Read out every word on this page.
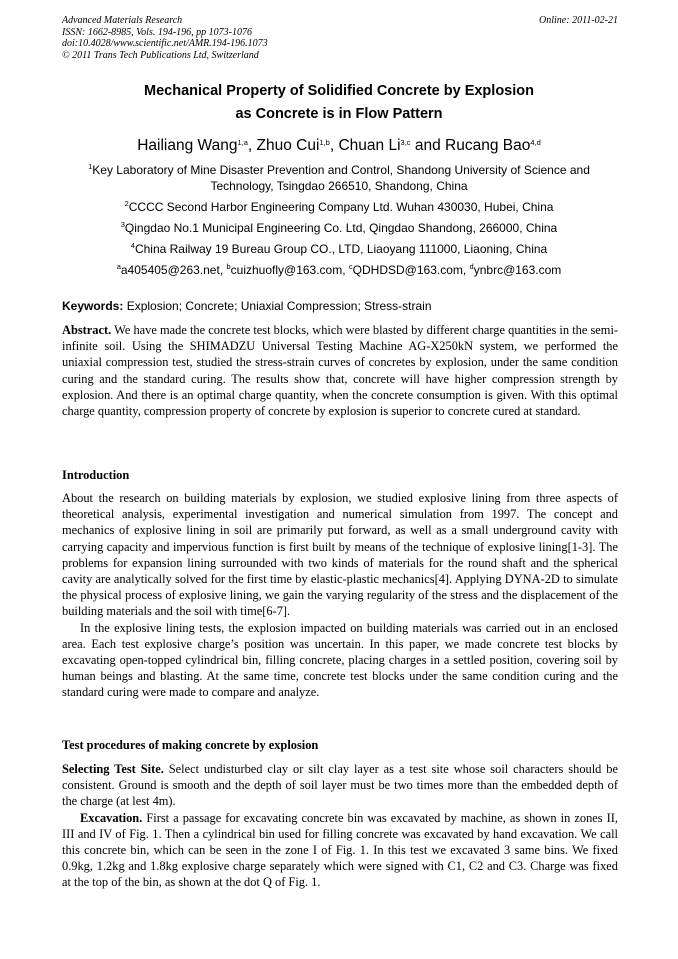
Advanced Materials Research
ISSN: 1662-8985, Vols. 194-196, pp 1073-1076
doi:10.4028/www.scientific.net/AMR.194-196.1073
© 2011 Trans Tech Publications Ltd, Switzerland
Online: 2011-02-21
Mechanical Property of Solidified Concrete by Explosion
as Concrete is in Flow Pattern
Hailiang Wang$^{1,a}$, Zhuo Cui$^{1,b}$, Chuan Li$^{3,c}$ and Rucang Bao$^{4,d}$
$^1$Key Laboratory of Mine Disaster Prevention and Control, Shandong University of Science and Technology, Tsingdao 266510, Shandong, China
$^2$CCCC Second Harbor Engineering Company Ltd. Wuhan 430030, Hubei, China
$^3$Qingdao No.1 Municipal Engineering Co. Ltd, Qingdao Shandong, 266000, China
$^4$China Railway 19 Bureau Group CO., LTD, Liaoyang 111000, Liaoning, China
$^a$a405405@263.net, $^b$cuizhuofly@163.com, $^c$QDHDSD@163.com, $^d$ynbrc@163.com
Keywords: Explosion; Concrete; Uniaxial Compression; Stress-strain

Abstract. We have made the concrete test blocks, which were blasted by different charge quantities in the semi-infinite soil. Using the SHIMADZU Universal Testing Machine AG-X250kN system, we performed the uniaxial compression test, studied the stress-strain curves of concretes by explosion, under the same condition curing and the standard curing. The results show that, concrete will have higher compression strength by explosion. And there is an optimal charge quantity, when the concrete consumption is given. With this optimal charge quantity, compression property of concrete by explosion is superior to concrete cured at standard.

Introduction

About the research on building materials by explosion, we studied explosive lining from three aspects of theoretical analysis, experimental investigation and numerical simulation from 1997. The concept and mechanics of explosive lining in soil are primarily put forward, as well as a small underground cavity with carrying capacity and impervious function is first built by means of the technique of explosive lining[1-3]. The problems for expansion lining surrounded with two kinds of materials for the round shaft and the spherical cavity are analytically solved for the first time by elastic-plastic mechanics[4]. Applying DYNA-2D to simulate the physical process of explosive lining, we gain the varying regularity of the stress and the displacement of the building materials and the soil with time[6-7].

In the explosive lining tests, the explosion impacted on building materials was carried out in an enclosed area. Each test explosive charge’s position was uncertain. In this paper, we made concrete test blocks by excavating open-topped cylindrical bin, filling concrete, placing charges in a settled position, covering soil by human beings and blasting. At the same time, concrete test blocks under the same condition curing and the standard curing were made to compare and analyze.

Test procedures of making concrete by explosion

Selecting Test Site. Select undisturbed clay or silt clay layer as a test site whose soil characters should be consistent. Ground is smooth and the depth of soil layer must be two times more than the embedded depth of the charge (at lest 4m).

Excavation. First a passage for excavating concrete bin was excavated by machine, as shown in zones II, III and IV of Fig. 1. Then a cylindrical bin used for filling concrete was excavated by hand excavation. We call this concrete bin, which can be seen in the zone I of Fig. 1. In this test we excavated 3 same bins. We fixed 0.9kg, 1.2kg and 1.8kg explosive charge separately which were signed with C1, C2 and C3. Charge was fixed at the top of the bin, as shown at the dot Q of Fig. 1.
